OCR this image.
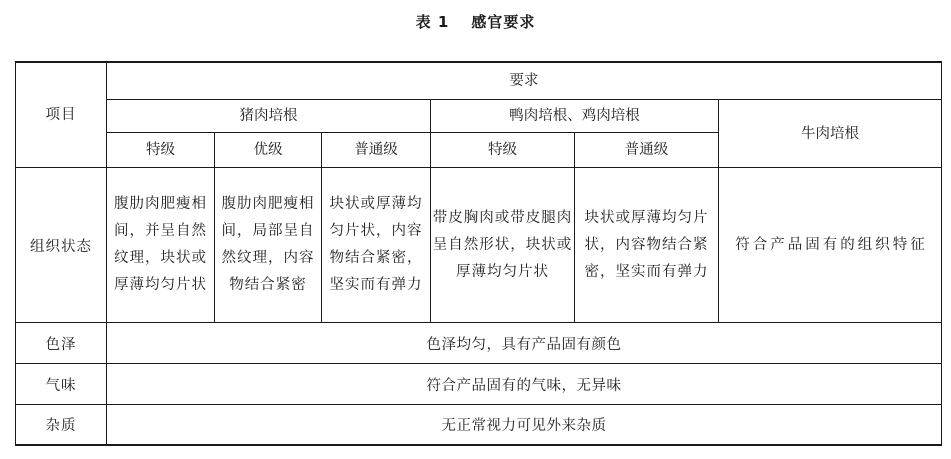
表 1 感官要求
项目	要求					
	猪肉培根			鸭肉培根、鸡肉培根		牛肉培根
	特级	优级	普通级	特级	普通级	
组织状态	腹肋肉肥瘦相间，并呈自然纹理，块状或厚薄均匀片状	腹肋肉肥瘦相间，局部呈自然纹理，内容物结合紧密	块状或厚薄均匀片状，内容物结合紧密，坚实而有弹力	带皮胸肉或带皮腿肉呈自然形状，块状或厚薄均匀片状	块状或厚薄均匀片状，内容物结合紧密，坚实而有弹力	符合产品固有的组织特征
色泽	色泽均匀，具有产品固有颜色					
气味	符合产品固有的气味，无异味					
杂质	无正常视力可见外来杂质					
